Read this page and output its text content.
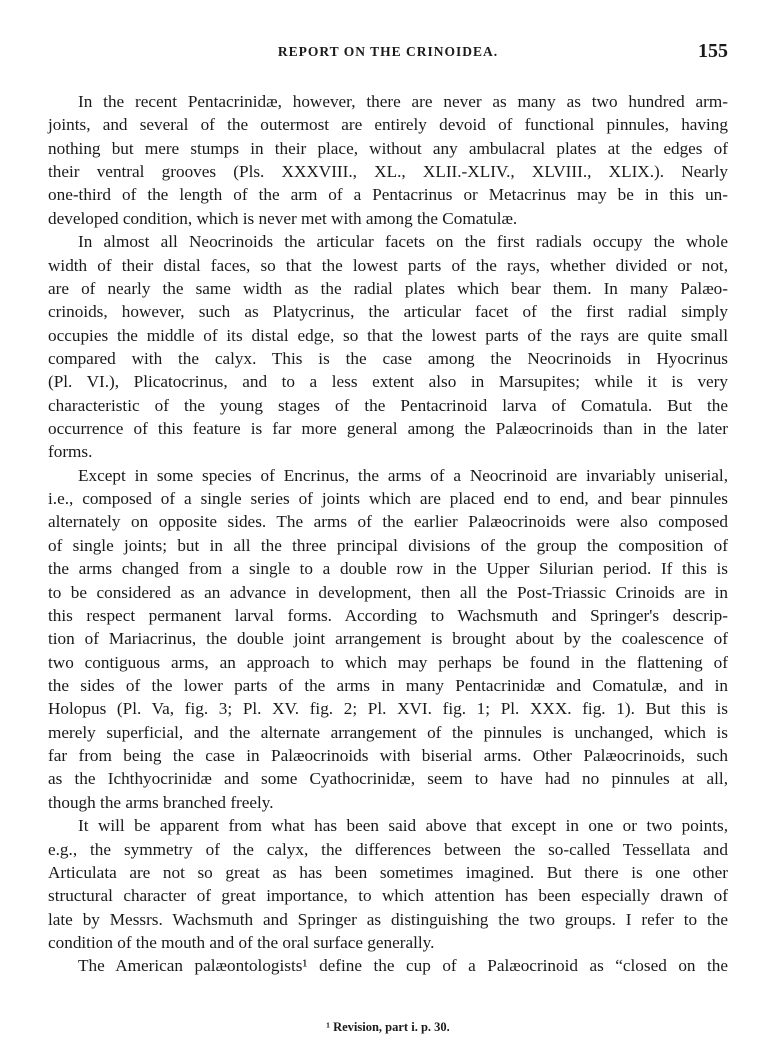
REPORT ON THE CRINOIDEA.	155
In the recent Pentacrinidæ, however, there are never as many as two hundred arm-
joints, and several of the outermost are entirely devoid of functional pinnules, having
nothing but mere stumps in their place, without any ambulacral plates at the edges of
their ventral grooves (Pls. XXXVIII., XL., XLII.-XLIV., XLVIII., XLIX.). Nearly
one-third of the length of the arm of a Pentacrinus or Metacrinus may be in this un-
developed condition, which is never met with among the Comatulæ.
In almost all Neocrinoids the articular facets on the first radials occupy the whole
width of their distal faces, so that the lowest parts of the rays, whether divided or not,
are of nearly the same width as the radial plates which bear them. In many Palæo-
crinoids, however, such as Platycrinus, the articular facet of the first radial simply
occupies the middle of its distal edge, so that the lowest parts of the rays are quite small
compared with the calyx. This is the case among the Neocrinoids in Hyocrinus
(Pl. VI.), Plicatocrinus, and to a less extent also in Marsupites; while it is very
characteristic of the young stages of the Pentacrinoid larva of Comatula. But the
occurrence of this feature is far more general among the Palæocrinoids than in the later
forms.
Except in some species of Encrinus, the arms of a Neocrinoid are invariably uniserial,
i.e., composed of a single series of joints which are placed end to end, and bear pinnules
alternately on opposite sides. The arms of the earlier Palæocrinoids were also composed
of single joints; but in all the three principal divisions of the group the composition of
the arms changed from a single to a double row in the Upper Silurian period. If this is
to be considered as an advance in development, then all the Post-Triassic Crinoids are in
this respect permanent larval forms. According to Wachsmuth and Springer's descrip-
tion of Mariacrinus, the double joint arrangement is brought about by the coalescence of
two contiguous arms, an approach to which may perhaps be found in the flattening of
the sides of the lower parts of the arms in many Pentacrinidæ and Comatulæ, and in
Holopus (Pl. Va, fig. 3; Pl. XV. fig. 2; Pl. XVI. fig. 1; Pl. XXX. fig. 1). But this is
merely superficial, and the alternate arrangement of the pinnules is unchanged, which is
far from being the case in Palæocrinoids with biserial arms. Other Palæocrinoids, such
as the Ichthyocrinidæ and some Cyathocrinidæ, seem to have had no pinnules at all,
though the arms branched freely.
It will be apparent from what has been said above that except in one or two points,
e.g., the symmetry of the calyx, the differences between the so-called Tessellata and
Articulata are not so great as has been sometimes imagined. But there is one other
structural character of great importance, to which attention has been especially drawn of
late by Messrs. Wachsmuth and Springer as distinguishing the two groups. I refer to the
condition of the mouth and of the oral surface generally.
The American palæontologists¹ define the cup of a Palæocrinoid as “closed on the
¹ Revision, part i. p. 30.
